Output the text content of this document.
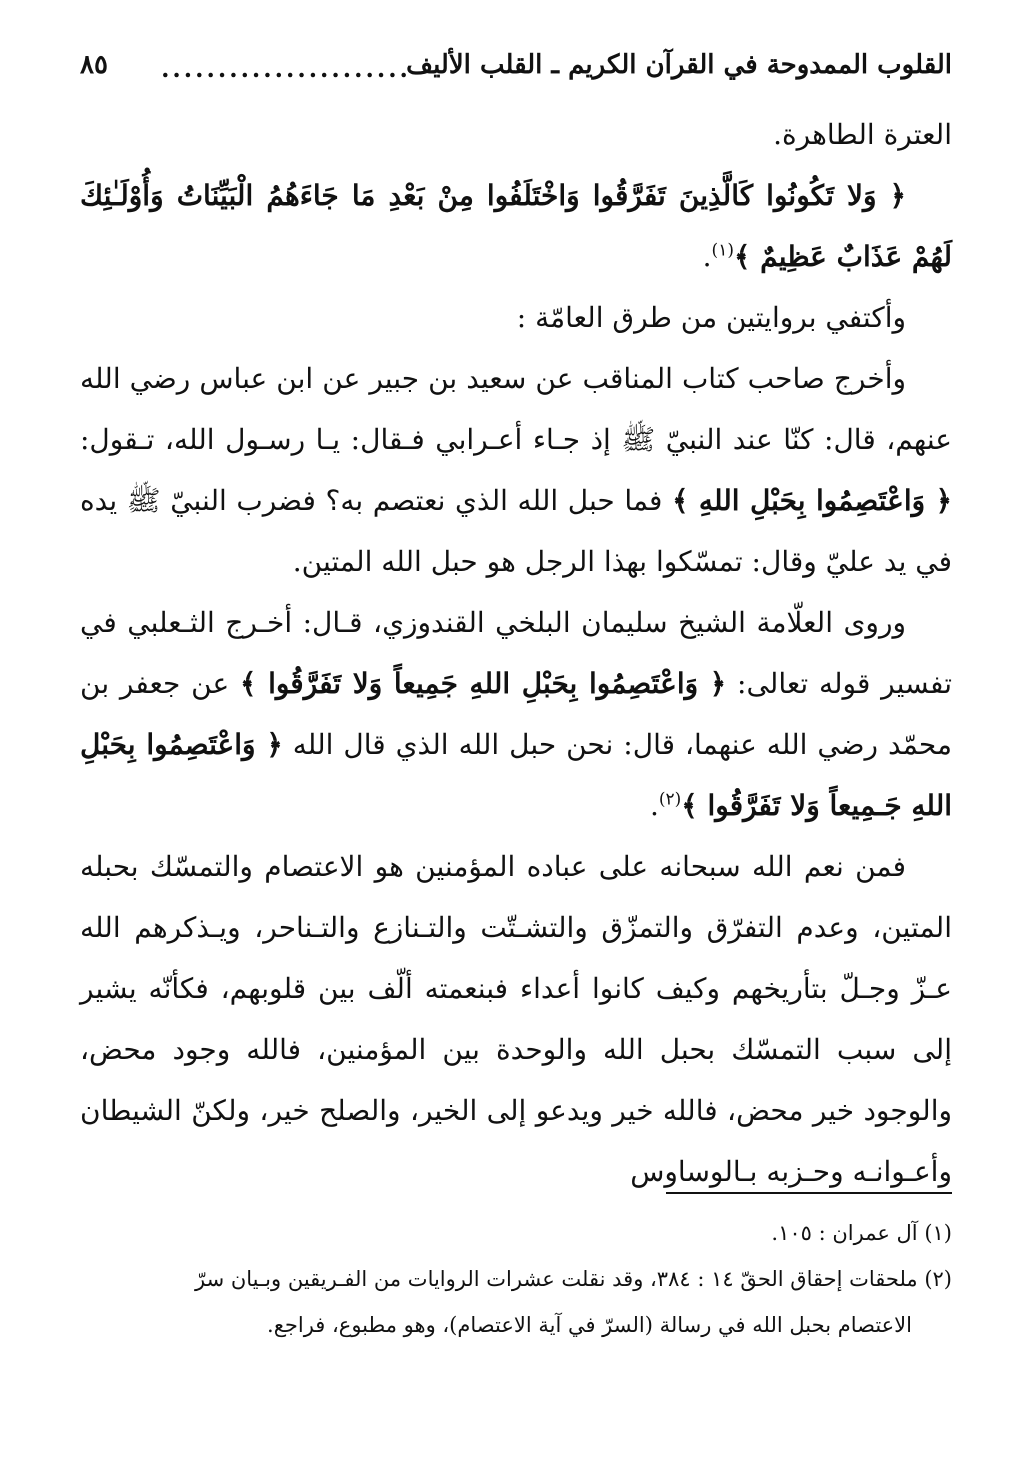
القلوب الممدوحة في القرآن الكريم ـ القلب الأليف
......................
٨٥

العترة الطاهرة.

﴿ وَلا تَكُونُوا كَالَّذِينَ تَفَرَّقُوا وَاخْتَلَفُوا مِنْ بَعْدِ مَا جَاءَهُمُ الْبَيِّنَاتُ وَأُوْلَـٰئِكَ لَهُمْ عَذَابٌ عَظِيمٌ ﴾$^{(١)}$.

وأكتفي بروايتين من طرق العامّة :

وأخرج صاحب كتاب المناقب عن سعيد بن جبير عن ابن عباس رضي الله عنهم، قال: كنّا عند النبيّ ﷺ إذ جـاء أعـرابي فـقال: يـا رسـول الله، تـقول: ﴿ وَاعْتَصِمُوا بِحَبْلِ اللهِ ﴾ فما حبل الله الذي نعتصم به؟ فضرب النبيّ ﷺ يده في يد عليّ وقال: تمسّكوا بهذا الرجل هو حبل الله المتين.

وروى العلّامة الشيخ سليمان البلخي القندوزي، قـال: أخـرج الثـعلبي في تفسير قوله تعالى: ﴿ وَاعْتَصِمُوا بِحَبْلِ اللهِ جَمِيعاً وَلا تَفَرَّقُوا ﴾ عن جعفر بن محمّد رضي الله عنهما، قال: نحن حبل الله الذي قال الله ﴿ وَاعْتَصِمُوا بِحَبْلِ اللهِ جَـمِيعاً وَلا تَفَرَّقُوا ﴾$^{(٢)}$.

فمن نعم الله سبحانه على عباده المؤمنين هو الاعتصام والتمسّك بحبله المتين، وعدم التفرّق والتمزّق والتشـتّت والتـنازع والتـناحر، ويـذكرهم الله عـزّ وجـلّ بتأريخهم وكيف كانوا أعداء فبنعمته ألّف بين قلوبهم، فكأنّه يشير إلى سبب التمسّك بحبل الله والوحدة بين المؤمنين، فالله وجود محض، والوجود خير محض، فالله خير ويدعو إلى الخير، والصلح خير، ولكنّ الشيطان وأعـوانـه وحـزبه بـالوساوس

(١) آل عمران : ١٠٥.

(٢) ملحقات إحقاق الحقّ ١٤ : ٣٨٤، وقد نقلت عشرات الروايات من الفـريقين وبـيان سرّ

الاعتصام بحبل الله في رسالة (السرّ في آية الاعتصام)، وهو مطبوع، فراجع.
